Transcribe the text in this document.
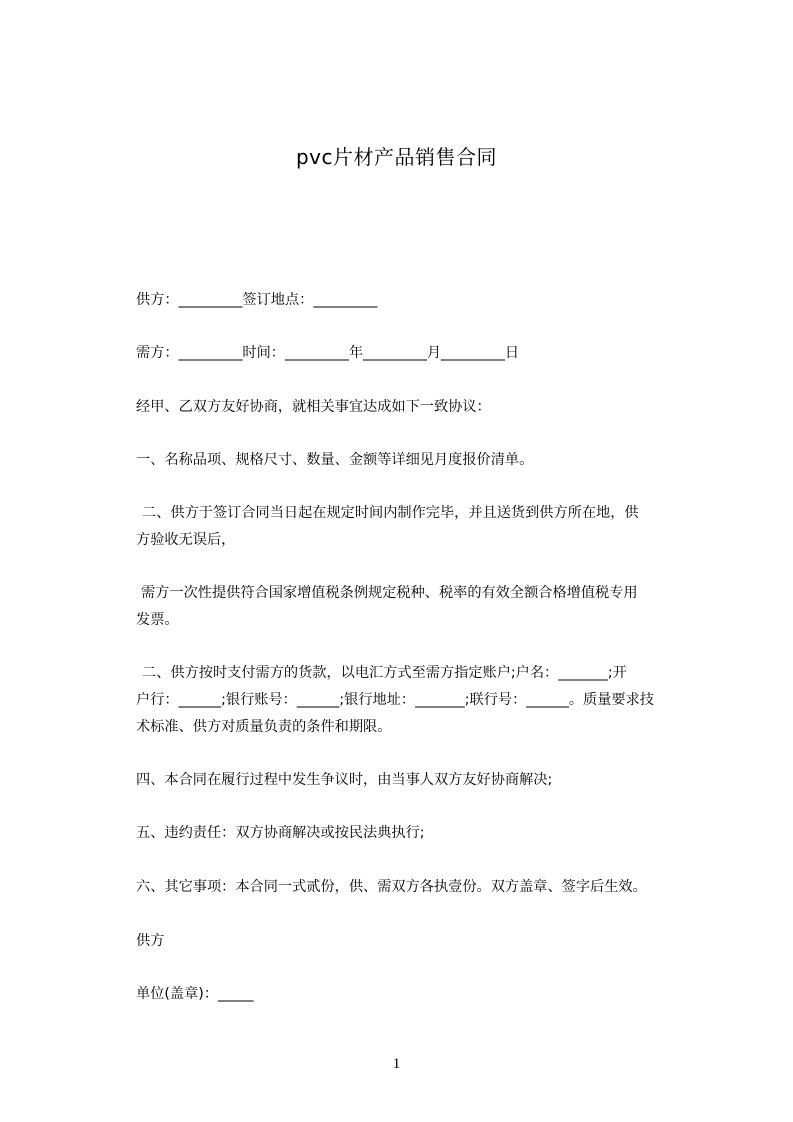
pvc片材产品销售合同
供方：_________签订地点：_________
需方：_________时间：_________年_________月_________日
经甲、乙双方友好协商，就相关事宜达成如下一致协议：
一、名称品项、规格尺寸、数量、金额等详细见月度报价清单。
二、供方于签订合同当日起在规定时间内制作完毕，并且送货到供方所在地，供
方验收无误后，
需方一次性提供符合国家增值税条例规定税种、税率的有效全额合格增值税专用
发票。
二、供方按时支付需方的货款，以电汇方式至需方指定账户;户名：_______;开
户行：______;银行账号：______;银行地址：_______;联行号：______。质量要求技
术标准、供方对质量负责的条件和期限。
四、本合同在履行过程中发生争议时，由当事人双方友好协商解决;
五、违约责任：双方协商解决或按民法典执行;
六、其它事项：本合同一式贰份，供、需双方各执壹份。双方盖章、签字后生效。
供方
单位(盖章)：_____
1
